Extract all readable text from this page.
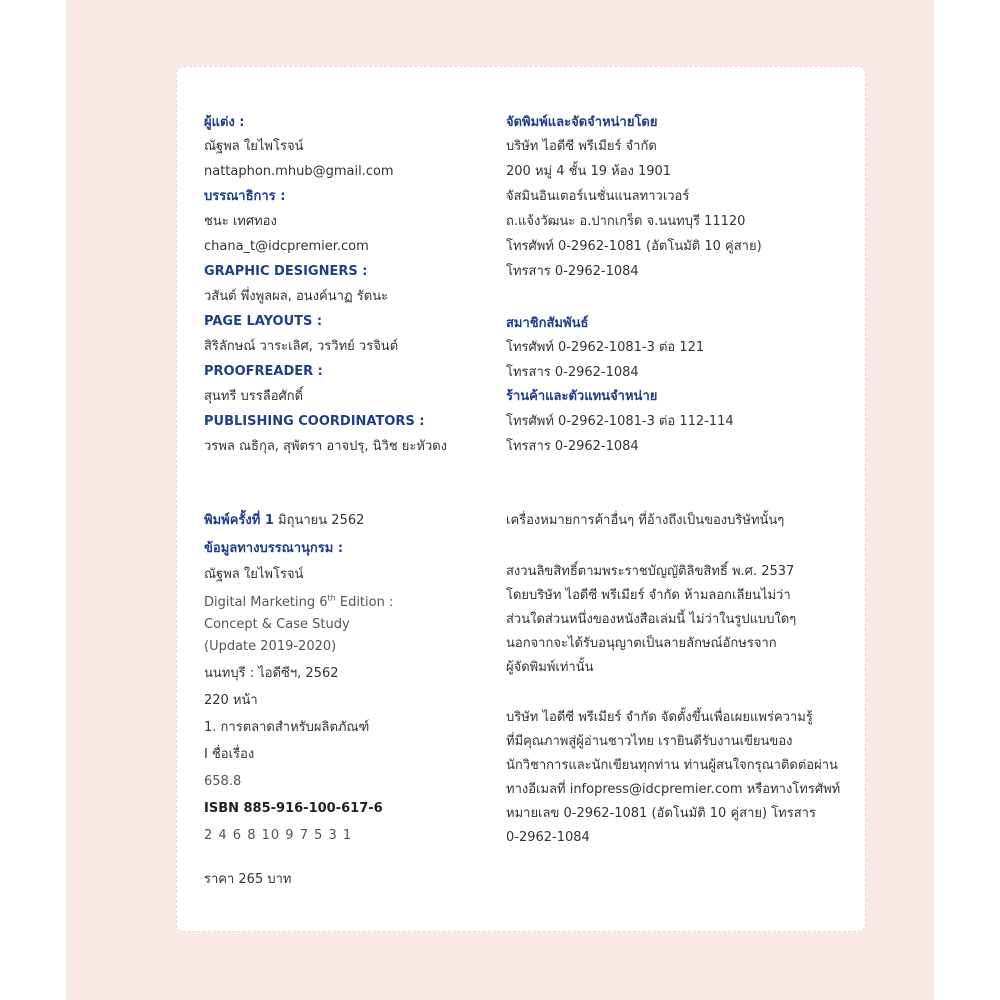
ผู้แต่ง :
ณัฐพล ใยไพโรจน์
nattaphon.mhub@gmail.com
บรรณาธิการ :
ชนะ เทศทอง
chana_t@idcpremier.com
GRAPHIC DESIGNERS :
วสันต์ พึ่งพูลผล, อนงค์นาฏ รัตนะ
PAGE LAYOUTS :
สิริลักษณ์ วาระเลิศ, วรวิทย์ วรจินต์
PROOFREADER :
สุนทรี บรรลือศักดิ์
PUBLISHING COORDINATORS :
วรพล ณธิกุล, สุพัตรา อาจปรุ, นิวิช ยะหัวดง
จัดพิมพ์และจัดจำหน่ายโดย
บริษัท ไอดีซี พรีเมียร์ จำกัด
200 หมู่ 4 ชั้น 19 ห้อง 1901
จัสมินอินเตอร์เนชั่นแนลทาวเวอร์
ถ.แจ้งวัฒนะ อ.ปากเกร็ด จ.นนทบุรี 11120
โทรศัพท์ 0-2962-1081 (อัตโนมัติ 10 คู่สาย)
โทรสาร 0-2962-1084
สมาชิกสัมพันธ์
โทรศัพท์ 0-2962-1081-3 ต่อ 121
โทรสาร 0-2962-1084
ร้านค้าและตัวแทนจำหน่าย
โทรศัพท์ 0-2962-1081-3 ต่อ 112-114
โทรสาร 0-2962-1084
พิมพ์ครั้งที่ 1 มิถุนายน 2562
ข้อมูลทางบรรณานุกรม :
ณัฐพล ใยไพโรจน์
Digital Marketing 6th Edition :
Concept & Case Study
(Update 2019-2020)
นนทบุรี : ไอดีซีฯ, 2562
220 หน้า
1. การตลาดสำหรับผลิตภัณฑ์
I ชื่อเรื่อง
658.8
ISBN 885-916-100-617-6
2 4 6 8 10 9 7 5 3 1
ราคา 265 บาท
เครื่องหมายการค้าอื่นๆ ที่อ้างถึงเป็นของบริษัทนั้นๆ
สงวนลิขสิทธิ์ตามพระราชบัญญัติลิขสิทธิ์ พ.ศ. 2537
โดยบริษัท ไอดีซี พรีเมียร์ จำกัด ห้ามลอกเลียนไม่ว่า
ส่วนใดส่วนหนึ่งของหนังสือเล่มนี้ ไม่ว่าในรูปแบบใดๆ
นอกจากจะได้รับอนุญาตเป็นลายลักษณ์อักษรจาก
ผู้จัดพิมพ์เท่านั้น
บริษัท ไอดีซี พรีเมียร์ จำกัด จัดตั้งขึ้นเพื่อเผยแพร่ความรู้
ที่มีคุณภาพสู่ผู้อ่านชาวไทย เรายินดีรับงานเขียนของ
นักวิชาการและนักเขียนทุกท่าน ท่านผู้สนใจกรุณาติดต่อผ่าน
ทางอีเมลที่ infopress@idcpremier.com หรือทางโทรศัพท์
หมายเลข 0-2962-1081 (อัตโนมัติ 10 คู่สาย) โทรสาร
0-2962-1084
